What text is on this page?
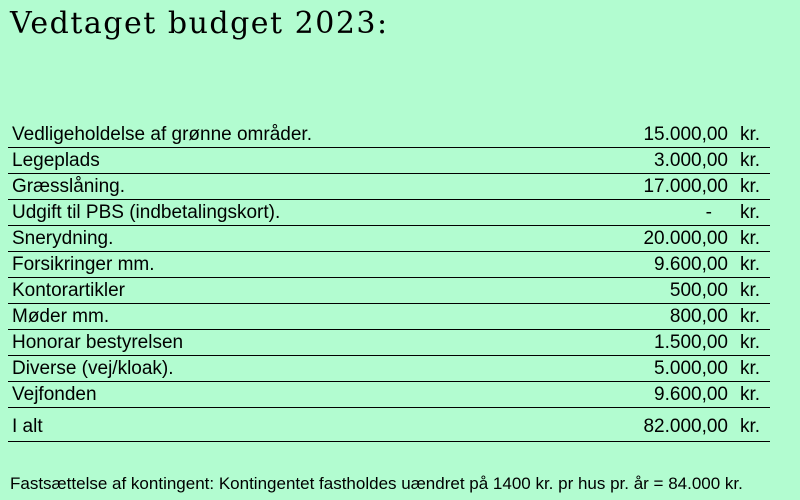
Vedtaget budget 2023:
Vedligeholdelse af grønne områder.	15.000,00 kr.
Legeplads	3.000,00 kr.
Græsslåning.	17.000,00 kr.
Udgift til PBS (indbetalingskort).	-	kr.
Snerydning.	20.000,00 kr.
Forsikringer mm.	9.600,00 kr.
Kontorartikler	500,00 kr.
Møder mm.	800,00 kr.
Honorar bestyrelsen	1.500,00 kr.
Diverse (vej/kloak).	5.000,00 kr.
Vejfonden	9.600,00 kr.
I alt	82.000,00 kr.
Fastsættelse af kontingent: Kontingentet fastholdes uændret på 1400 kr. pr hus pr. år = 84.000 kr.
